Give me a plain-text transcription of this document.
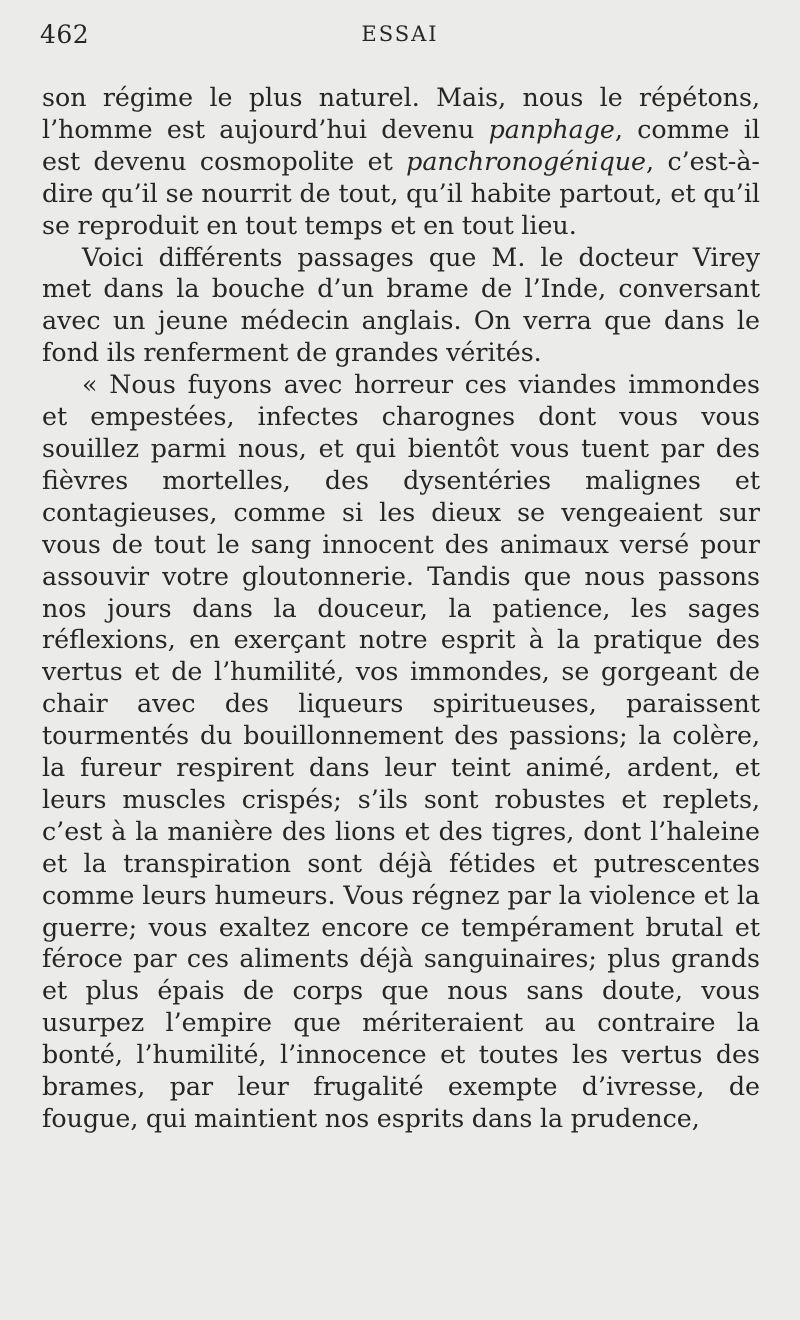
462	ESSAI

son régime le plus naturel. Mais, nous le répétons, l’homme est aujourd’hui devenu panphage, comme il est devenu cosmopolite et panchronogénique, c’est-à-dire qu’il se nourrit de tout, qu’il habite partout, et qu’il se reproduit en tout temps et en tout lieu.

Voici différents passages que M. le docteur Virey met dans la bouche d’un brame de l’Inde, conversant avec un jeune médecin anglais. On verra que dans le fond ils renferment de grandes vérités.

« Nous fuyons avec horreur ces viandes immondes et empestées, infectes charognes dont vous vous souillez parmi nous, et qui bientôt vous tuent par des fièvres mortelles, des dysentéries malignes et contagieuses, comme si les dieux se vengeaient sur vous de tout le sang innocent des animaux versé pour assouvir votre gloutonnerie. Tandis que nous passons nos jours dans la douceur, la patience, les sages réflexions, en exerçant notre esprit à la pratique des vertus et de l’humilité, vos immondes, se gorgeant de chair avec des liqueurs spiritueuses, paraissent tourmentés du bouillonnement des passions; la colère, la fureur respirent dans leur teint animé, ardent, et leurs muscles crispés; s’ils sont robustes et replets, c’est à la manière des lions et des tigres, dont l’haleine et la transpiration sont déjà fétides et putrescentes comme leurs humeurs. Vous régnez par la violence et la guerre; vous exaltez encore ce tempérament brutal et féroce par ces aliments déjà sanguinaires; plus grands et plus épais de corps que nous sans doute, vous usurpez l’empire que mériteraient au contraire la bonté, l’humilité, l’innocence et toutes les vertus des brames, par leur frugalité exempte d’ivresse, de fougue, qui maintient nos esprits dans la prudence,
